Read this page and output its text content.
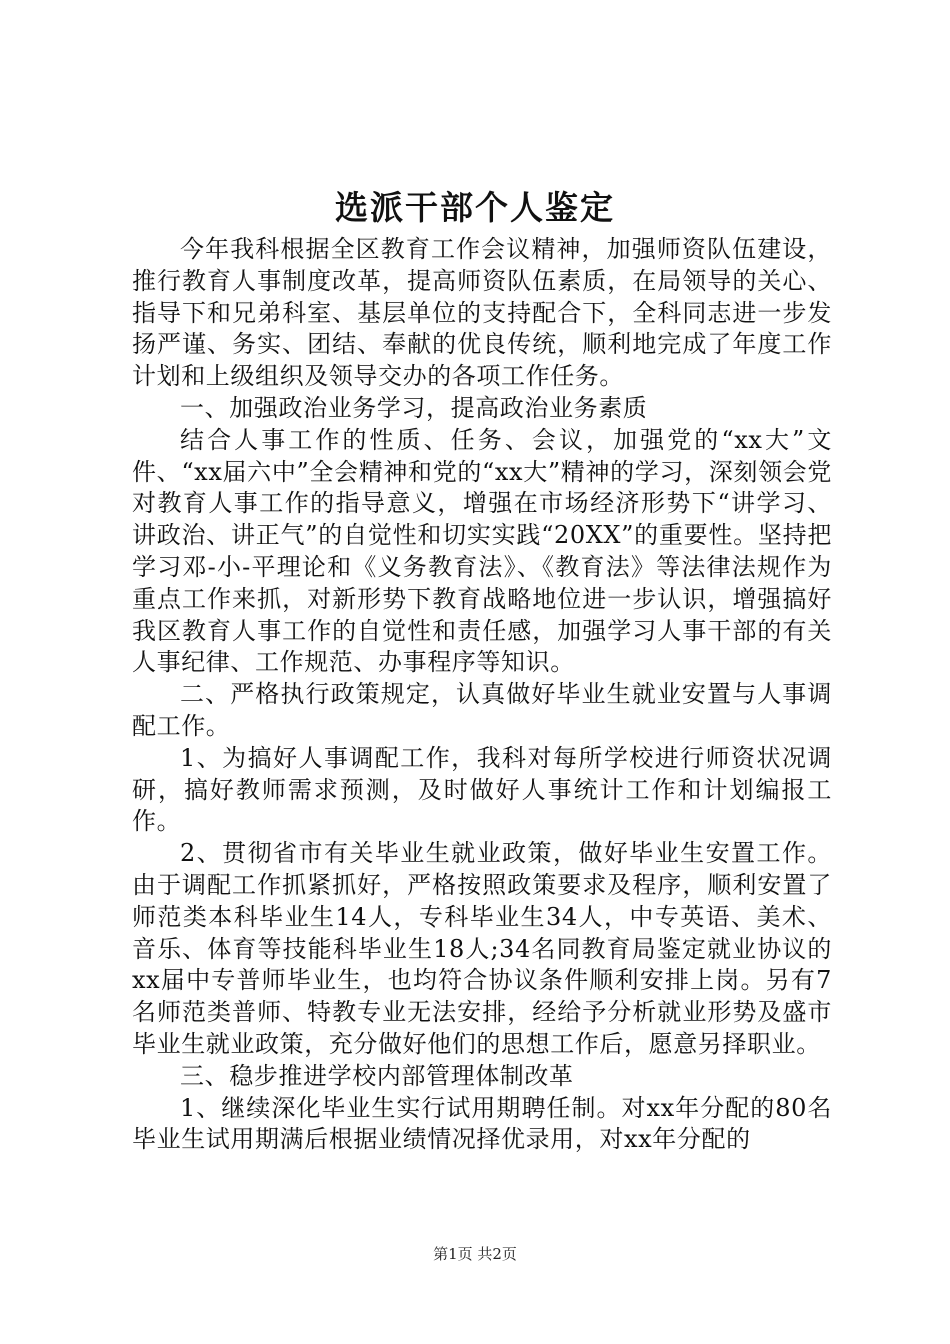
选派干部个人鉴定

今年我科根据全区教育工作会议精神，加强师资队伍建设，推行教育人事制度改革，提高师资队伍素质，在局领导的关心、指导下和兄弟科室、基层单位的支持配合下，全科同志进一步发扬严谨、务实、团结、奉献的优良传统，顺利地完成了年度工作计划和上级组织及领导交办的各项工作任务。

一、加强政治业务学习，提高政治业务素质

结合人事工作的性质、任务、会议，加强党的“xx大”文件、“xx届六中”全会精神和党的“xx大”精神的学习，深刻领会党对教育人事工作的指导意义，增强在市场经济形势下“讲学习、讲政治、讲正气”的自觉性和切实实践“20XX”的重要性。坚持把学习邓-小-平理论和《义务教育法》、《教育法》等法律法规作为重点工作来抓，对新形势下教育战略地位进一步认识，增强搞好我区教育人事工作的自觉性和责任感，加强学习人事干部的有关人事纪律、工作规范、办事程序等知识。

二、严格执行政策规定，认真做好毕业生就业安置与人事调配工作。

1、为搞好人事调配工作，我科对每所学校进行师资状况调研，搞好教师需求预测，及时做好人事统计工作和计划编报工作。

2、贯彻省市有关毕业生就业政策，做好毕业生安置工作。由于调配工作抓紧抓好，严格按照政策要求及程序，顺利安置了师范类本科毕业生14人，专科毕业生34人，中专英语、美术、音乐、体育等技能科毕业生18人;34名同教育局鉴定就业协议的xx届中专普师毕业生，也均符合协议条件顺利安排上岗。另有7名师范类普师、特教专业无法安排，经给予分析就业形势及盛市毕业生就业政策，充分做好他们的思想工作后，愿意另择职业。

三、稳步推进学校内部管理体制改革

1、继续深化毕业生实行试用期聘任制。对xx年分配的80名毕业生试用期满后根据业绩情况择优录用，对xx年分配的

第1页 共2页
